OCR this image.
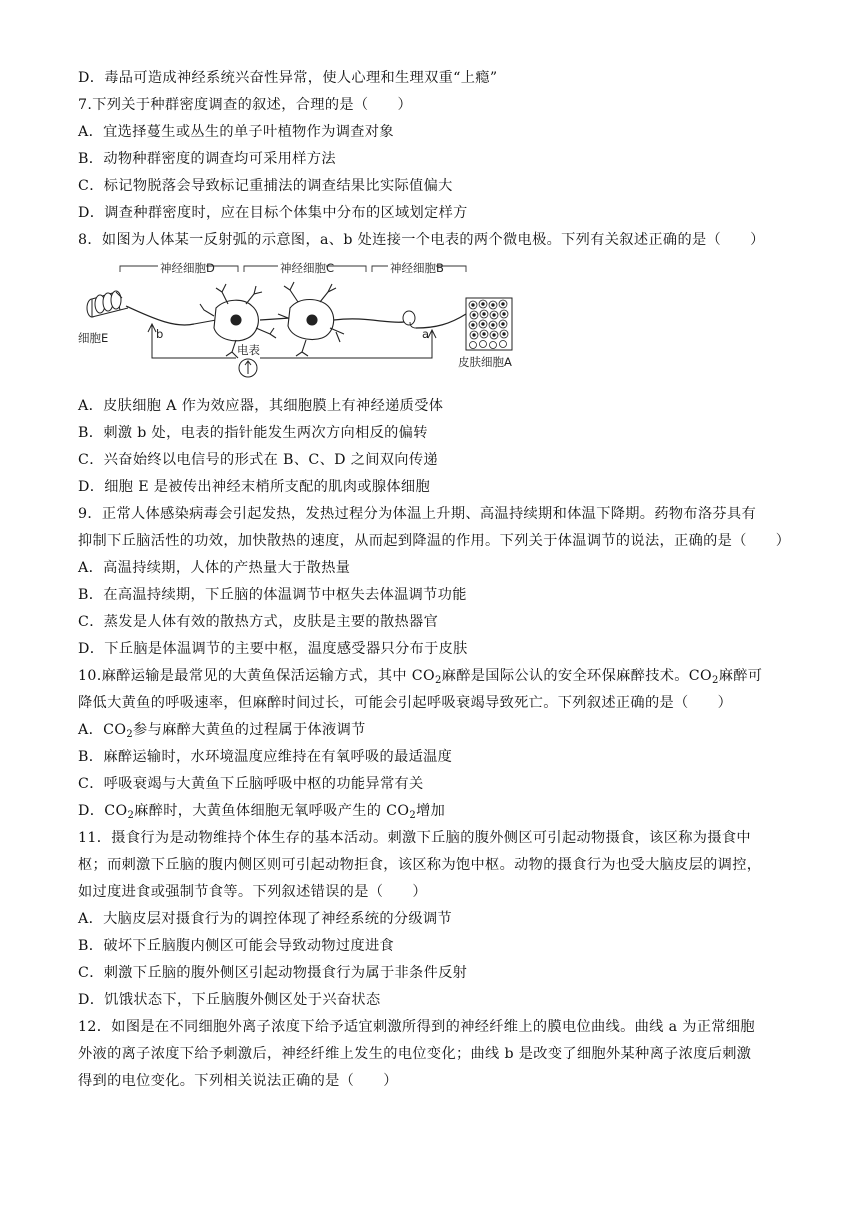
D．毒品可造成神经系统兴奋性异常，使人心理和生理双重“上瘾”
7.下列关于种群密度调查的叙述，合理的是（　　）
A．宜选择蔓生或丛生的单子叶植物作为调查对象
B．动物种群密度的调查均可采用样方法
C．标记物脱落会导致标记重捕法的调查结果比实际值偏大
D．调查种群密度时，应在目标个体集中分布的区域划定样方
8．如图为人体某一反射弧的示意图，a、b 处连接一个电表的两个微电极。下列有关叙述正确的是（　　）
神经细胞D	神经细胞C	神经细胞B
细胞E
皮肤细胞A
电表
b	a
A．皮肤细胞 A 作为效应器，其细胞膜上有神经递质受体
B．刺激 b 处，电表的指针能发生两次方向相反的偏转
C．兴奋始终以电信号的形式在 B、C、D 之间双向传递
D．细胞 E 是被传出神经末梢所支配的肌肉或腺体细胞
9．正常人体感染病毒会引起发热，发热过程分为体温上升期、高温持续期和体温下降期。药物布洛芬具有
抑制下丘脑活性的功效，加快散热的速度，从而起到降温的作用。下列关于体温调节的说法，正确的是（　　）
A．高温持续期，人体的产热量大于散热量
B．在高温持续期，下丘脑的体温调节中枢失去体温调节功能
C．蒸发是人体有效的散热方式，皮肤是主要的散热器官
D．下丘脑是体温调节的主要中枢，温度感受器只分布于皮肤
10.麻醉运输是最常见的大黄鱼保活运输方式，其中 $CO_2$麻醉是国际公认的安全环保麻醉技术。$CO_2$麻醉可
降低大黄鱼的呼吸速率，但麻醉时间过长，可能会引起呼吸衰竭导致死亡。下列叙述正确的是（　　）
A．$CO_2$参与麻醉大黄鱼的过程属于体液调节
B．麻醉运输时，水环境温度应维持在有氧呼吸的最适温度
C．呼吸衰竭与大黄鱼下丘脑呼吸中枢的功能异常有关
D．$CO_2$麻醉时，大黄鱼体细胞无氧呼吸产生的 $CO_2$增加
11．摄食行为是动物维持个体生存的基本活动。刺激下丘脑的腹外侧区可引起动物摄食，该区称为摄食中
枢；而刺激下丘脑的腹内侧区则可引起动物拒食，该区称为饱中枢。动物的摄食行为也受大脑皮层的调控，
如过度进食或强制节食等。下列叙述错误的是（　　）
A．大脑皮层对摄食行为的调控体现了神经系统的分级调节
B．破坏下丘脑腹内侧区可能会导致动物过度进食
C．刺激下丘脑的腹外侧区引起动物摄食行为属于非条件反射
D．饥饿状态下，下丘脑腹外侧区处于兴奋状态
12．如图是在不同细胞外离子浓度下给予适宜刺激所得到的神经纤维上的膜电位曲线。曲线 a 为正常细胞
外液的离子浓度下给予刺激后，神经纤维上发生的电位变化；曲线 b 是改变了细胞外某种离子浓度后刺激
得到的电位变化。下列相关说法正确的是（　　）
